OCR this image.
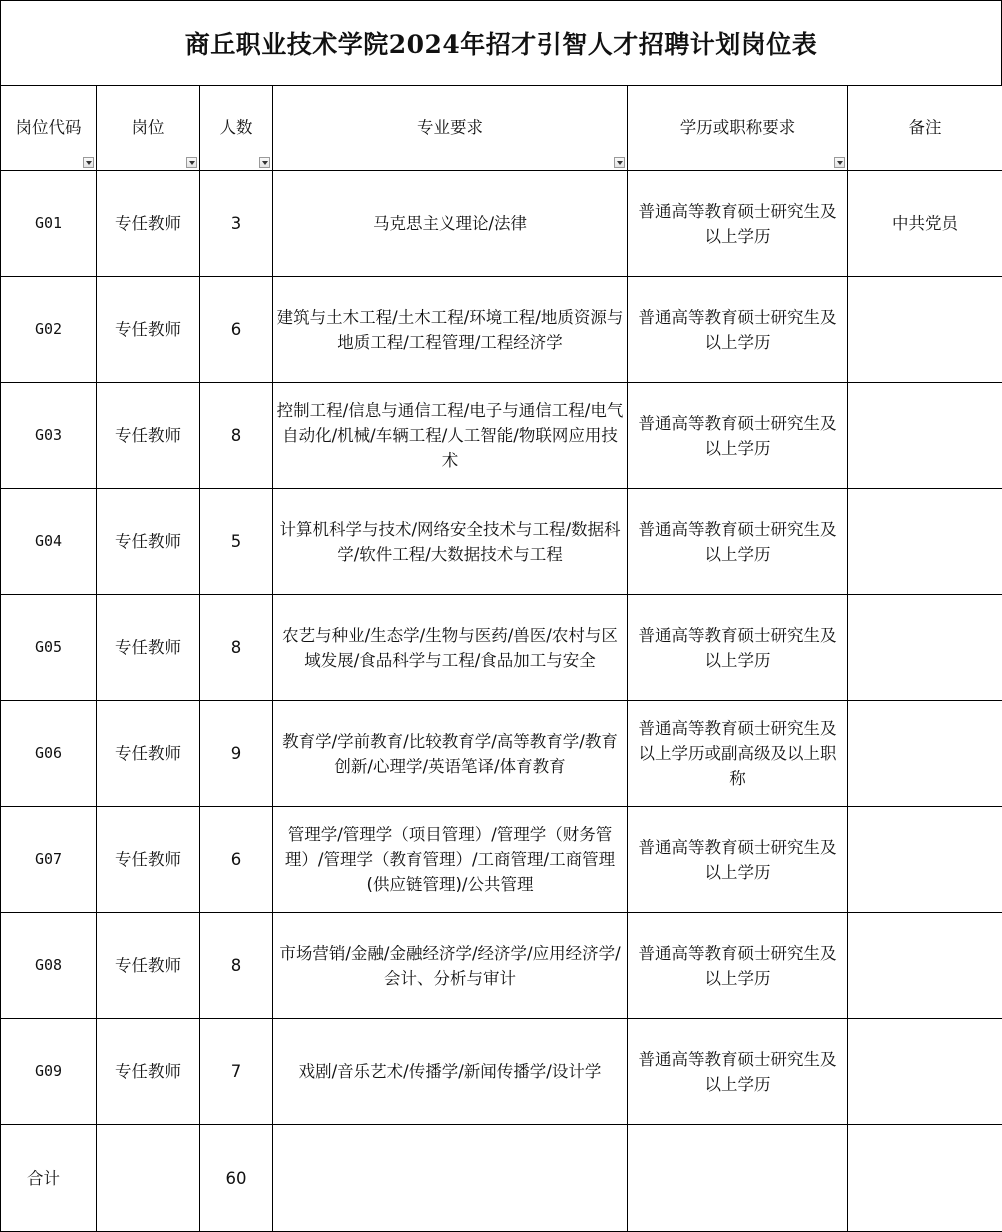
商丘职业技术学院2024年招才引智人才招聘计划岗位表
岗位代码	岗位	人数	专业要求	学历或职称要求	备注

G01	专任教师	3	马克思主义理论/法律	普通高等教育硕士研究生及以上学历	中共党员
G02	专任教师	6	建筑与土木工程/土木工程/环境工程/地质资源与地质工程/工程管理/工程经济学	普通高等教育硕士研究生及以上学历	
G03	专任教师	8	控制工程/信息与通信工程/电子与通信工程/电气自动化/机械/车辆工程/人工智能/物联网应用技术	普通高等教育硕士研究生及以上学历	
G04	专任教师	5	计算机科学与技术/网络安全技术与工程/数据科学/软件工程/大数据技术与工程	普通高等教育硕士研究生及以上学历	
G05	专任教师	8	农艺与种业/生态学/生物与医药/兽医/农村与区域发展/食品科学与工程/食品加工与安全	普通高等教育硕士研究生及以上学历	
G06	专任教师	9	教育学/学前教育/比较教育学/高等教育学/教育创新/心理学/英语笔译/体育教育	普通高等教育硕士研究生及以上学历或副高级及以上职称	
G07	专任教师	6	管理学/管理学（项目管理）/管理学（财务管理）/管理学（教育管理）/工商管理/工商管理(供应链管理)/公共管理	普通高等教育硕士研究生及以上学历	
G08	专任教师	8	市场营销/金融/金融经济学/经济学/应用经济学/会计、分析与审计	普通高等教育硕士研究生及以上学历	
G09	专任教师	7	戏剧/音乐艺术/传播学/新闻传播学/设计学	普通高等教育硕士研究生及以上学历	
合计		60			
